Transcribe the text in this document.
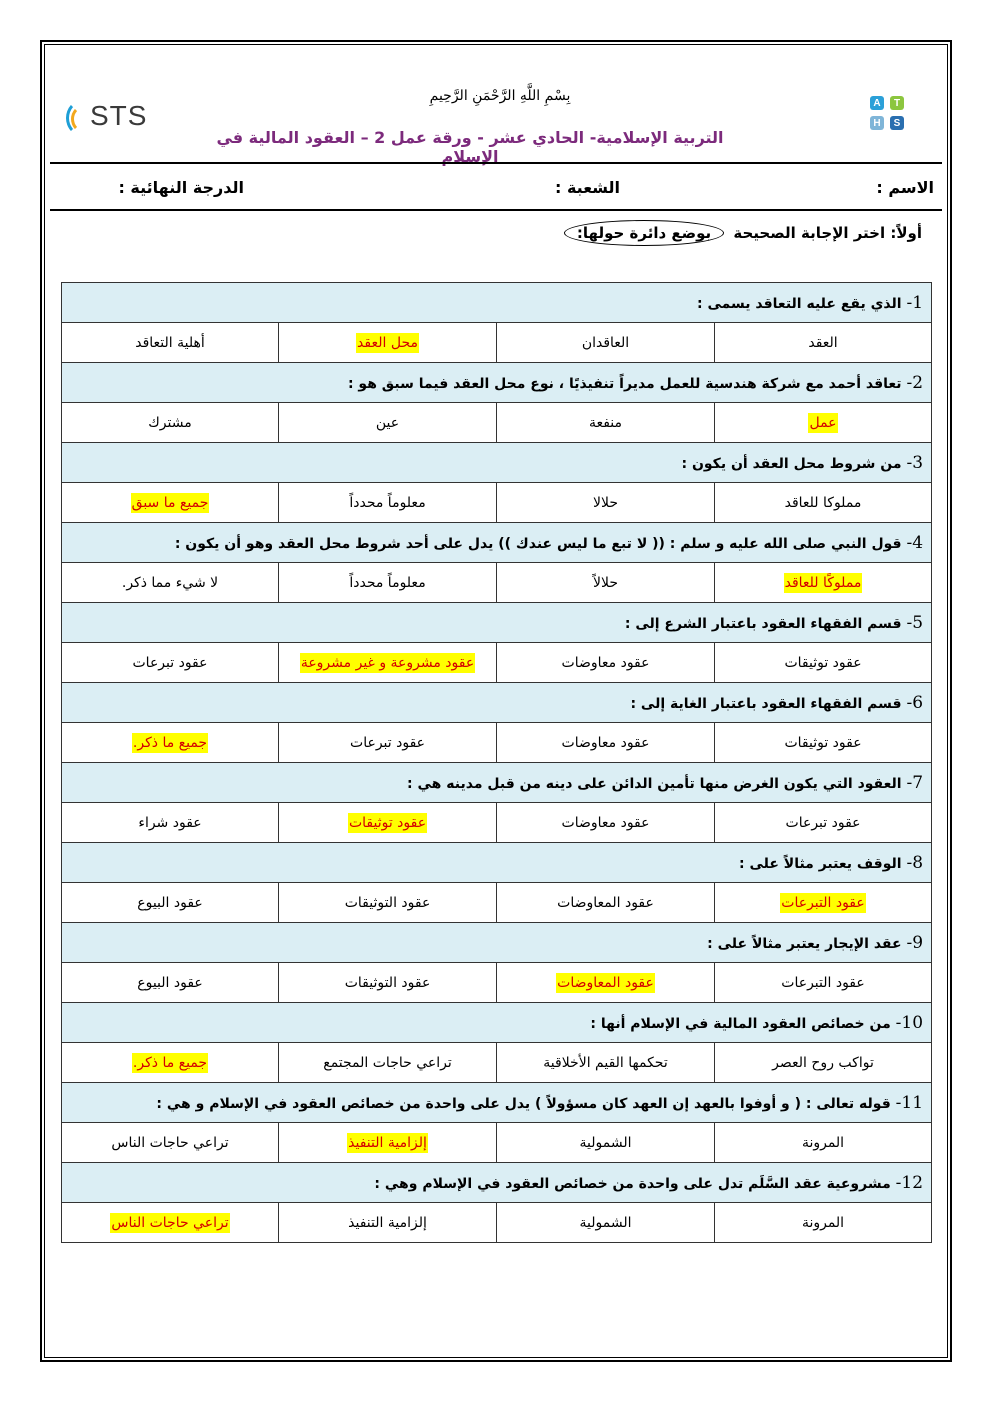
STS	A	T
H	S
بِسْمِ اللَّهِ الرَّحْمَنِ الرَّحِيمِ
التربية الإسلامية- الحادي عشر - ورقة عمل 2 – العقود المالية في الإسلام
الاسم :
الشعبة :
الدرجة النهائية :
أولاً: اختر الإجابة الصحيحة بوضع دائرة حولها:
1- الذي يقع عليه التعاقد يسمى :			
العقد	العاقدان	محل العقد	أهلية التعاقد
2- تعاقد أحمد مع شركة هندسية للعمل مديراً تنفيذيًا ، نوع محل العقد فيما سبق هو :			
عمل	منفعة	عين	مشترك
3- من شروط محل العقد أن يكون :			
مملوكا للعاقد	حلالا	معلوماً محدداً	جميع ما سبق
4- قول النبي صلى الله عليه و سلم : (( لا تبع ما ليس عندك )) يدل على أحد شروط محل العقد وهو أن يكون :			
مملوكًا للعاقد	حلالاً	معلوماً محدداً	لا شيء مما ذكر.
5- قسم الفقهاء العقود باعتبار الشرع إلى :			
عقود توثيقات	عقود معاوضات	عقود مشروعة و غير مشروعة	عقود تبرعات
6- قسم الفقهاء العقود باعتبار الغاية إلى :			
عقود توثيقات	عقود معاوضات	عقود تبرعات	جميع ما ذكر.
7- العقود التي يكون الغرض منها تأمين الدائن على دينه من قبل مدينه هي :			
عقود تبرعات	عقود معاوضات	عقود توثيقات	عقود شراء
8- الوقف يعتبر مثالاً على :			
عقود التبرعات	عقود المعاوضات	عقود التوثيقات	عقود البيوع
9- عقد الإيجار يعتبر مثالاً على :			
عقود التبرعات	عقود المعاوضات	عقود التوثيقات	عقود البيوع
10- من خصائص العقود المالية في الإسلام أنها :			
تواكب روح العصر	تحكمها القيم الأخلاقية	تراعي حاجات المجتمع	جميع ما ذكر.
11- قوله تعالى : ( و أوفوا بالعهد إن العهد كان مسؤولاً ) يدل على واحدة من خصائص العقود في الإسلام و هي :			
المرونة	الشمولية	إلزامية التنفيذ	تراعي حاجات الناس
12- مشروعية عقد السَّلَم تدل على واحدة من خصائص العقود في الإسلام وهي :			
المرونة	الشمولية	إلزامية التنفيذ	تراعي حاجات الناس
